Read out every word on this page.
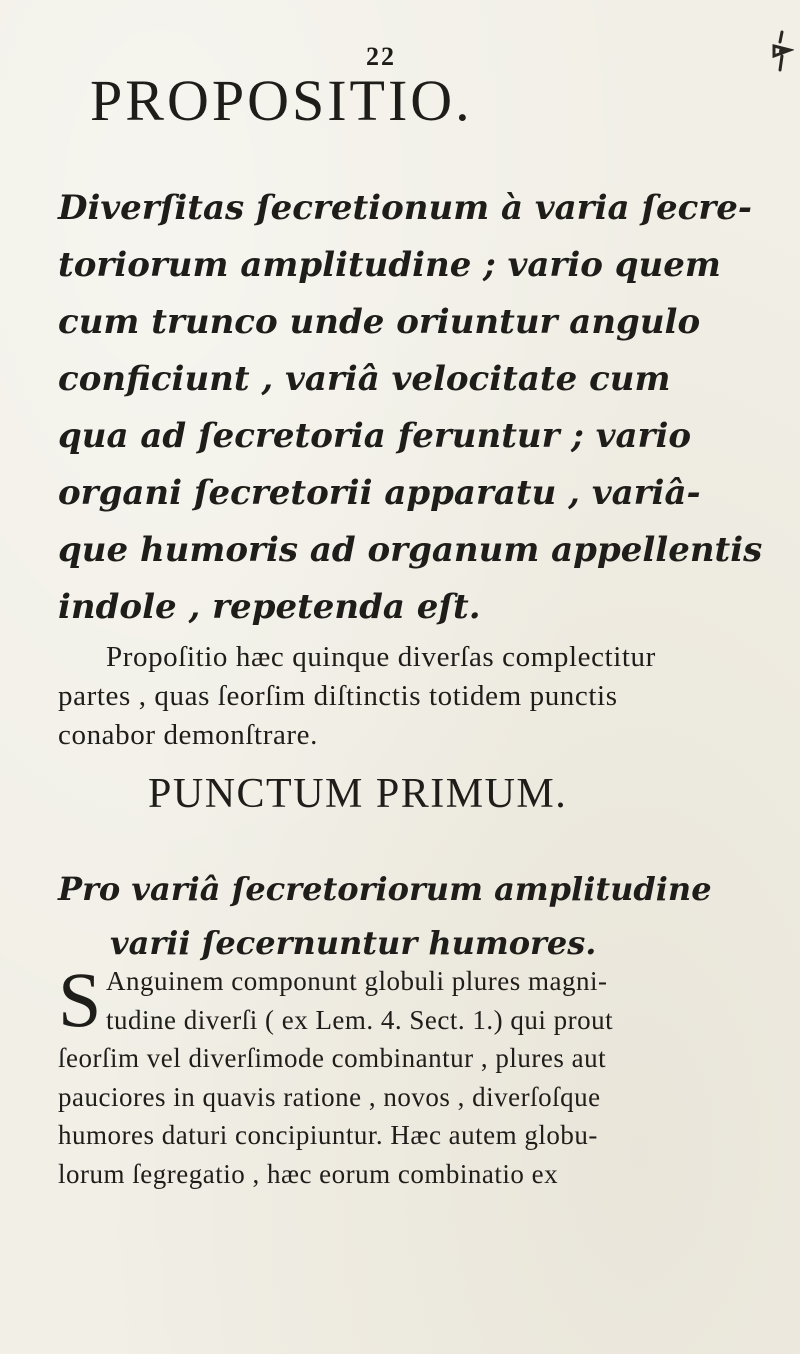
22
PROPOSITIO.
Diverſitas ſecretionum à varia ſecre-
toriorum amplitudine ; vario quem
cum trunco unde oriuntur angulo
conficiunt , variâ velocitate cum
qua ad ſecretoria feruntur ; vario
organi ſecretorii apparatu , variâ-
que humoris ad organum appellentis
indole , repetenda eſt.
Propoſitio hæc quinque diverſas complectitur
partes , quas ſeorſim diſtinctis totidem punctis
conabor demonſtrare.
PUNCTUM PRIMUM.
Pro variâ ſecretoriorum amplitudine
varii ſecernuntur humores.
S Anguinem componunt globuli plures magni-
tudine diverſi ( ex Lem. 4. Sect. 1.) qui prout
ſeorſim vel diverſimode combinantur , plures aut
pauciores in quavis ratione , novos , diverſoſque
humores daturi concipiuntur. Hæc autem globu-
lorum ſegregatio , hæc eorum combinatio ex
